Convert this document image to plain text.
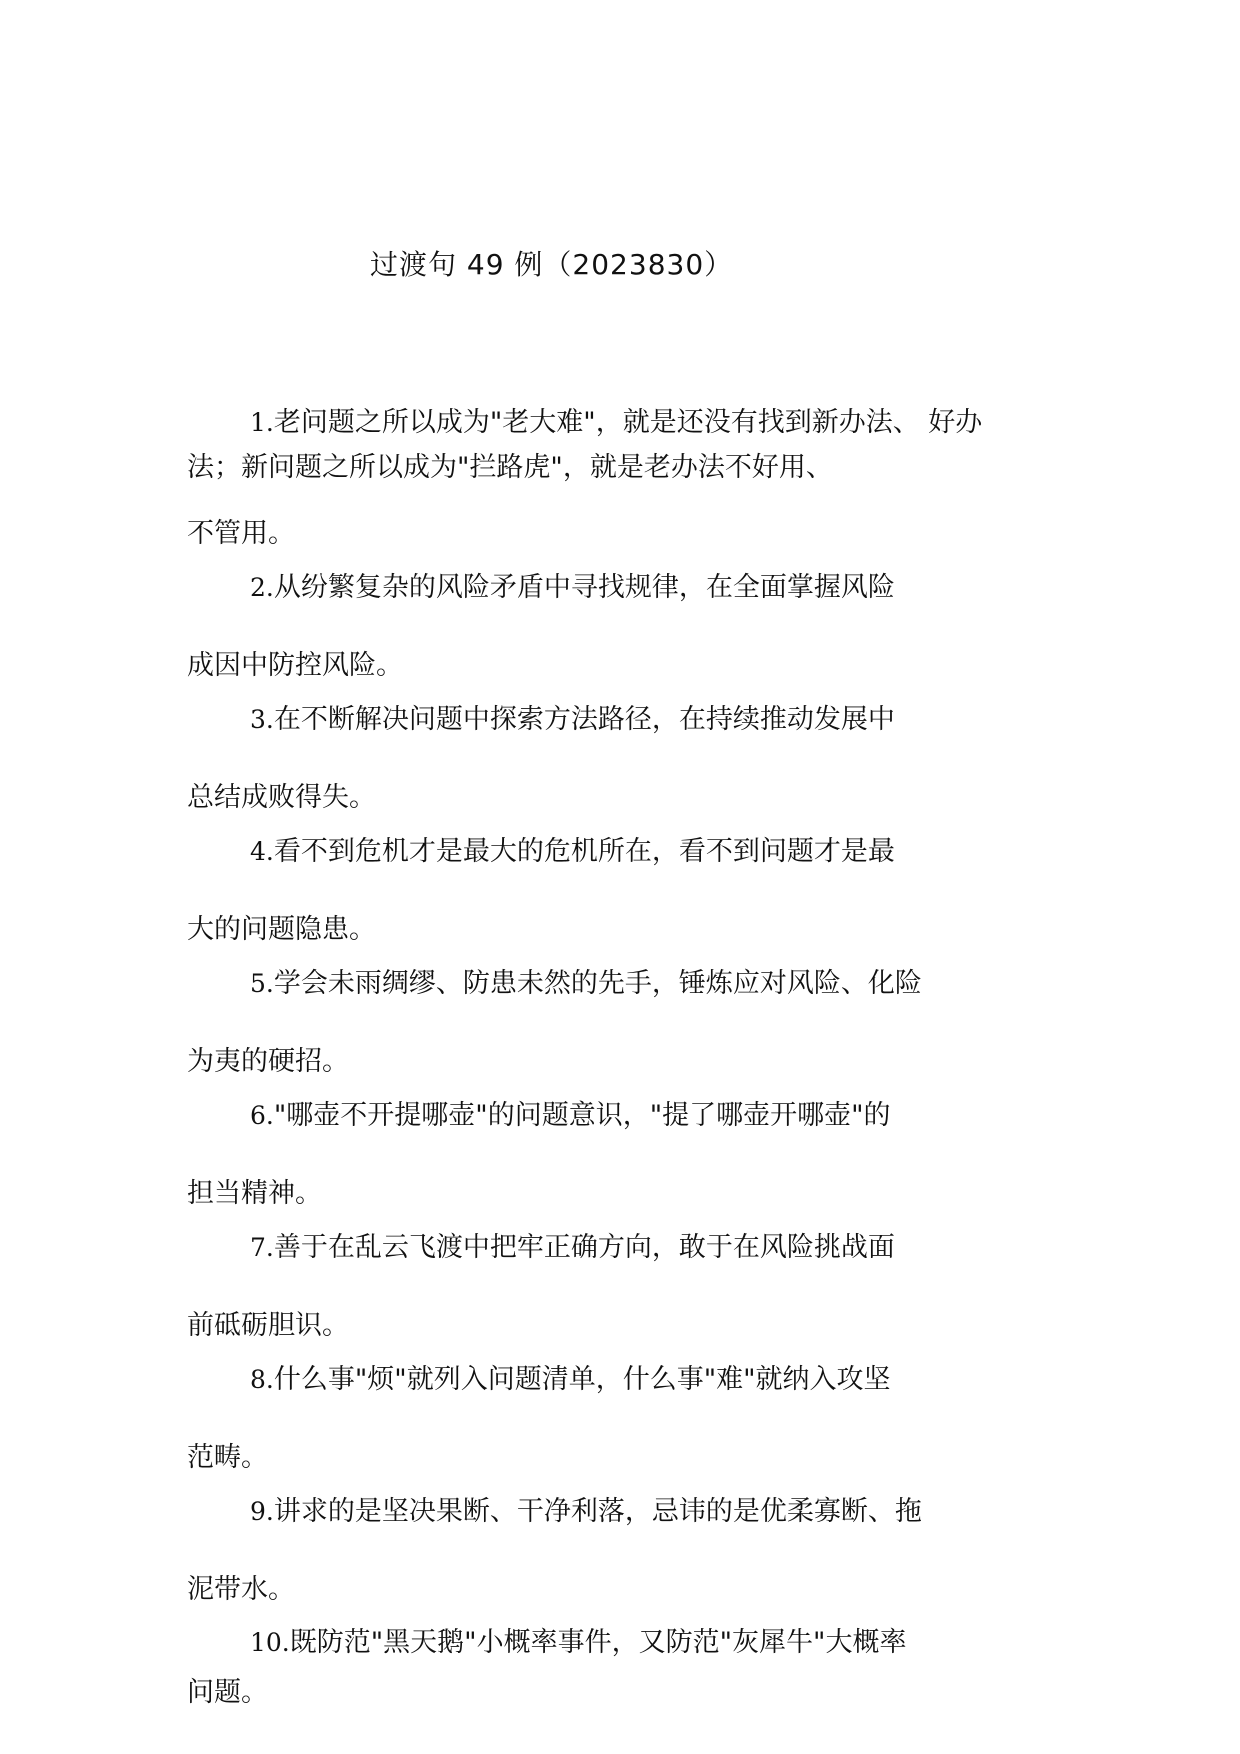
过渡句 49 例（2023830）
1.老问题之所以成为"老大难"，就是还没有找到新办法、 好办
法；新问题之所以成为"拦路虎"，就是老办法不好用、
不管用。
2.从纷繁复杂的风险矛盾中寻找规律，在全面掌握风险
成因中防控风险。
3.在不断解决问题中探索方法路径，在持续推动发展中
总结成败得失。
4.看不到危机才是最大的危机所在，看不到问题才是最
大的问题隐患。
5.学会未雨绸缪、防患未然的先手，锤炼应对风险、化险
为夷的硬招。
6."哪壶不开提哪壶"的问题意识，"提了哪壶开哪壶"的
担当精神。
7.善于在乱云飞渡中把牢正确方向，敢于在风险挑战面
前砥砺胆识。
8.什么事"烦"就列入问题清单，什么事"难"就纳入攻坚
范畴。
9.讲求的是坚决果断、干净利落，忌讳的是优柔寡断、拖
泥带水。
10.既防范"黑天鹅"小概率事件，又防范"灰犀牛"大概率
问题。
